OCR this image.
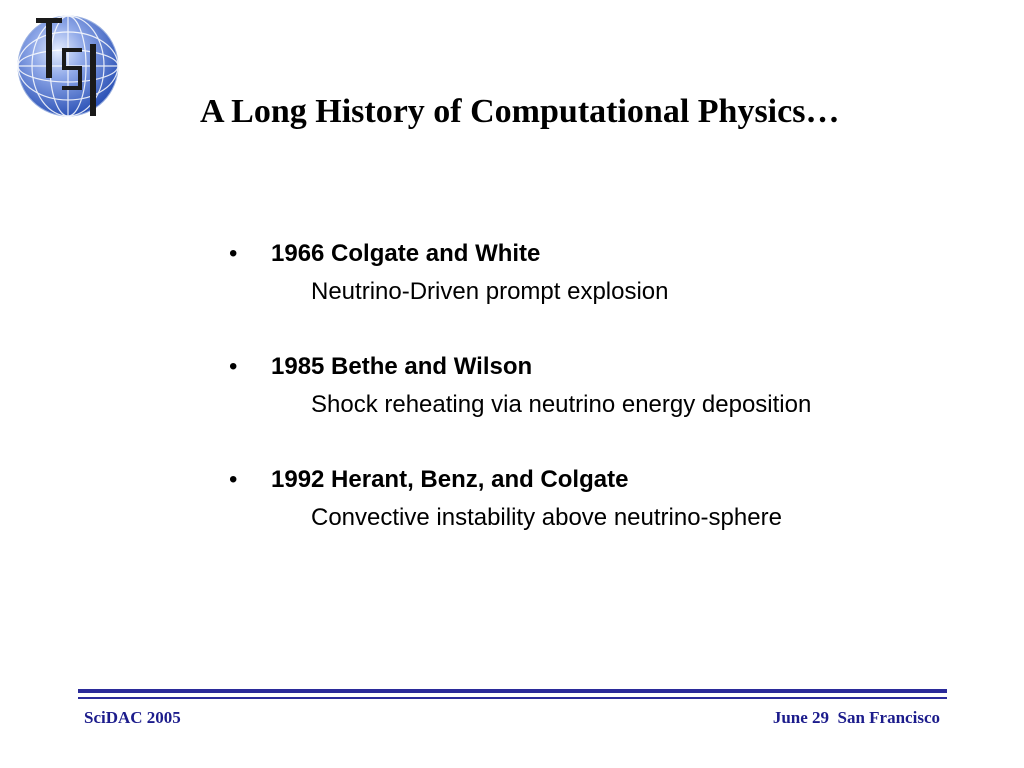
A Long History of Computational Physics…
• 1966 Colgate and White
Neutrino-Driven prompt explosion
• 1985 Bethe and Wilson
Shock reheating via neutrino energy deposition
• 1992 Herant, Benz, and Colgate
Convective instability above neutrino-sphere
SciDAC 2005	June 29  San Francisco
